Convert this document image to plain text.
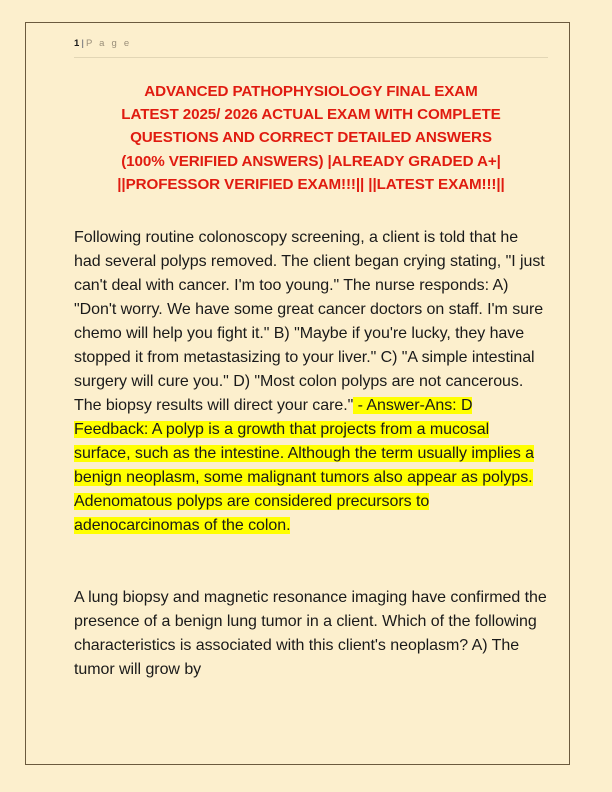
1 | P a g e
ADVANCED PATHOPHYSIOLOGY FINAL EXAM
LATEST 2025/ 2026 ACTUAL EXAM WITH COMPLETE
QUESTIONS AND CORRECT DETAILED ANSWERS
(100% VERIFIED ANSWERS) |ALREADY GRADED A+|
||PROFESSOR VERIFIED EXAM!!!|| ||LATEST EXAM!!!||

Following routine colonoscopy screening, a client is told that he had several polyps removed. The client began crying stating, "I just can't deal with cancer. I'm too young." The nurse responds: A) "Don't worry. We have some great cancer doctors on staff. I'm sure chemo will help you fight it." B) "Maybe if you're lucky, they have stopped it from metastasizing to your liver." C) "A simple intestinal surgery will cure you." D) "Most colon polyps are not cancerous. The biopsy results will direct your care." - Answer-Ans: D Feedback: A polyp is a growth that projects from a mucosal surface, such as the intestine. Although the term usually implies a benign neoplasm, some malignant tumors also appear as polyps. Adenomatous polyps are considered precursors to adenocarcinomas of the colon.

A lung biopsy and magnetic resonance imaging have confirmed the presence of a benign lung tumor in a client. Which of the following characteristics is associated with this client's neoplasm? A) The tumor will grow by
